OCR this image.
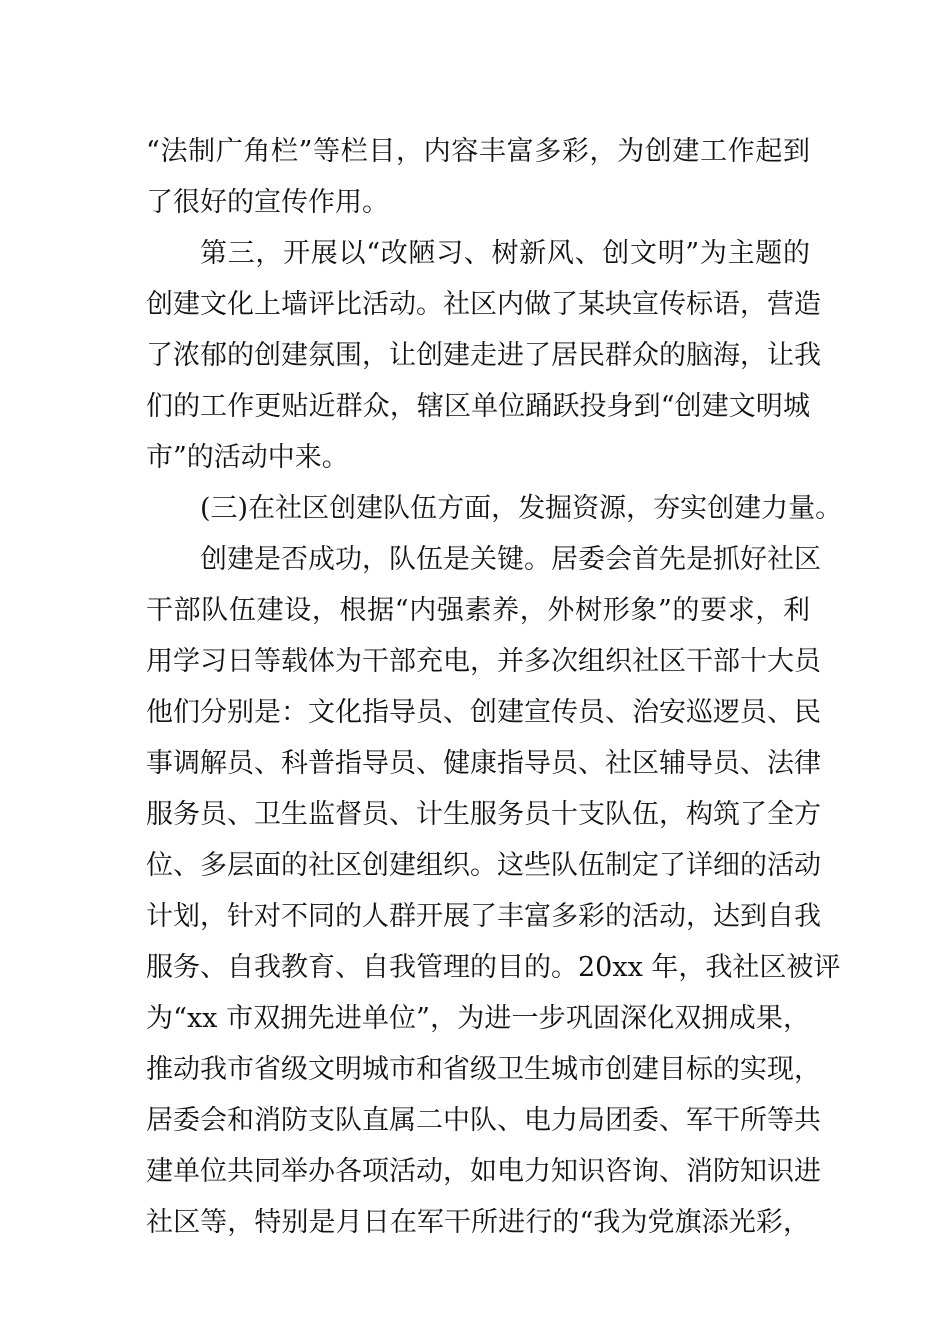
“法制广角栏”等栏目，内容丰富多彩，为创建工作起到
了很好的宣传作用。
第三，开展以“改陋习、树新风、创文明”为主题的
创建文化上墙评比活动。社区内做了某块宣传标语，营造
了浓郁的创建氛围，让创建走进了居民群众的脑海，让我
们的工作更贴近群众，辖区单位踊跃投身到“创建文明城
市”的活动中来。
(三)在社区创建队伍方面，发掘资源，夯实创建力量。
创建是否成功，队伍是关键。居委会首先是抓好社区
干部队伍建设，根据“内强素养，外树形象”的要求，利
用学习日等载体为干部充电，并多次组织社区干部十大员
他们分别是：文化指导员、创建宣传员、治安巡逻员、民
事调解员、科普指导员、健康指导员、社区辅导员、法律
服务员、卫生监督员、计生服务员十支队伍，构筑了全方
位、多层面的社区创建组织。这些队伍制定了详细的活动
计划，针对不同的人群开展了丰富多彩的活动，达到自我
服务、自我教育、自我管理的目的。20xx 年，我社区被评
为“xx 市双拥先进单位”，为进一步巩固深化双拥成果，
推动我市省级文明城市和省级卫生城市创建目标的实现，
居委会和消防支队直属二中队、电力局团委、军干所等共
建单位共同举办各项活动，如电力知识咨询、消防知识进
社区等，特别是月日在军干所进行的“我为党旗添光彩，
